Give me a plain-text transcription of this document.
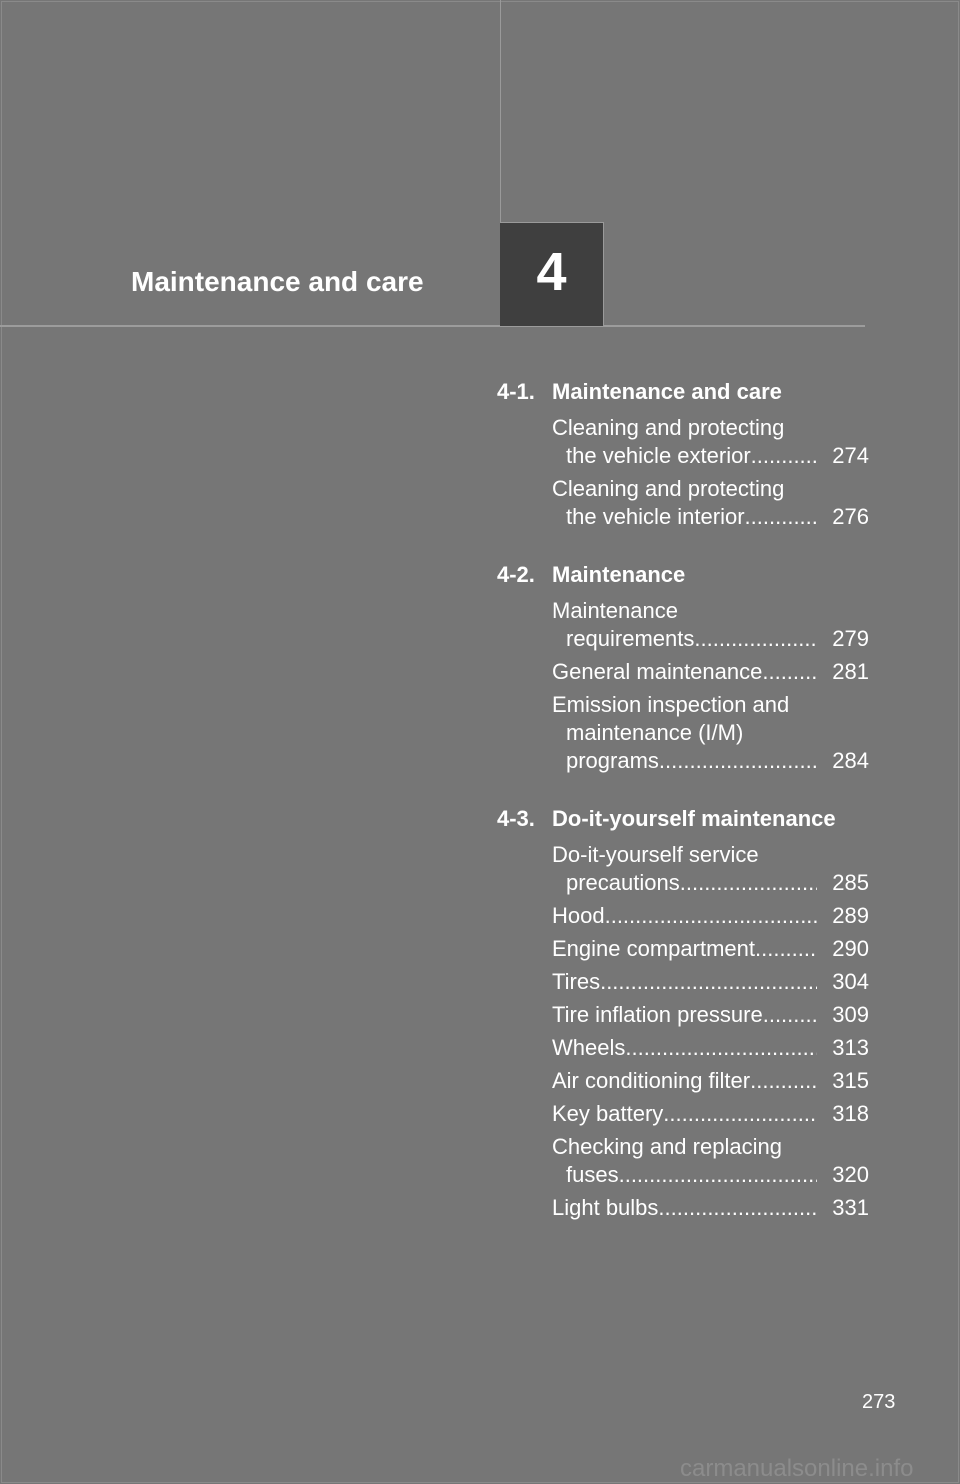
Maintenance and care 4
4-1. Maintenance and care
Cleaning and protecting
the vehicle exterior .....	274
Cleaning and protecting
the vehicle interior .....	276
4-2. Maintenance
Maintenance
requirements .....	279
General maintenance .....	281
Emission inspection and
maintenance (I/M)
programs .....	284
4-3. Do-it-yourself maintenance
Do-it-yourself service
precautions .....	285
Hood .....	289
Engine compartment .....	290
Tires .....	304
Tire inflation pressure .....	309
Wheels .....	313
Air conditioning filter .....	315
Key battery .....	318
Checking and replacing
fuses .....	320
Light bulbs .....	331
273
carmanualsonline.info
